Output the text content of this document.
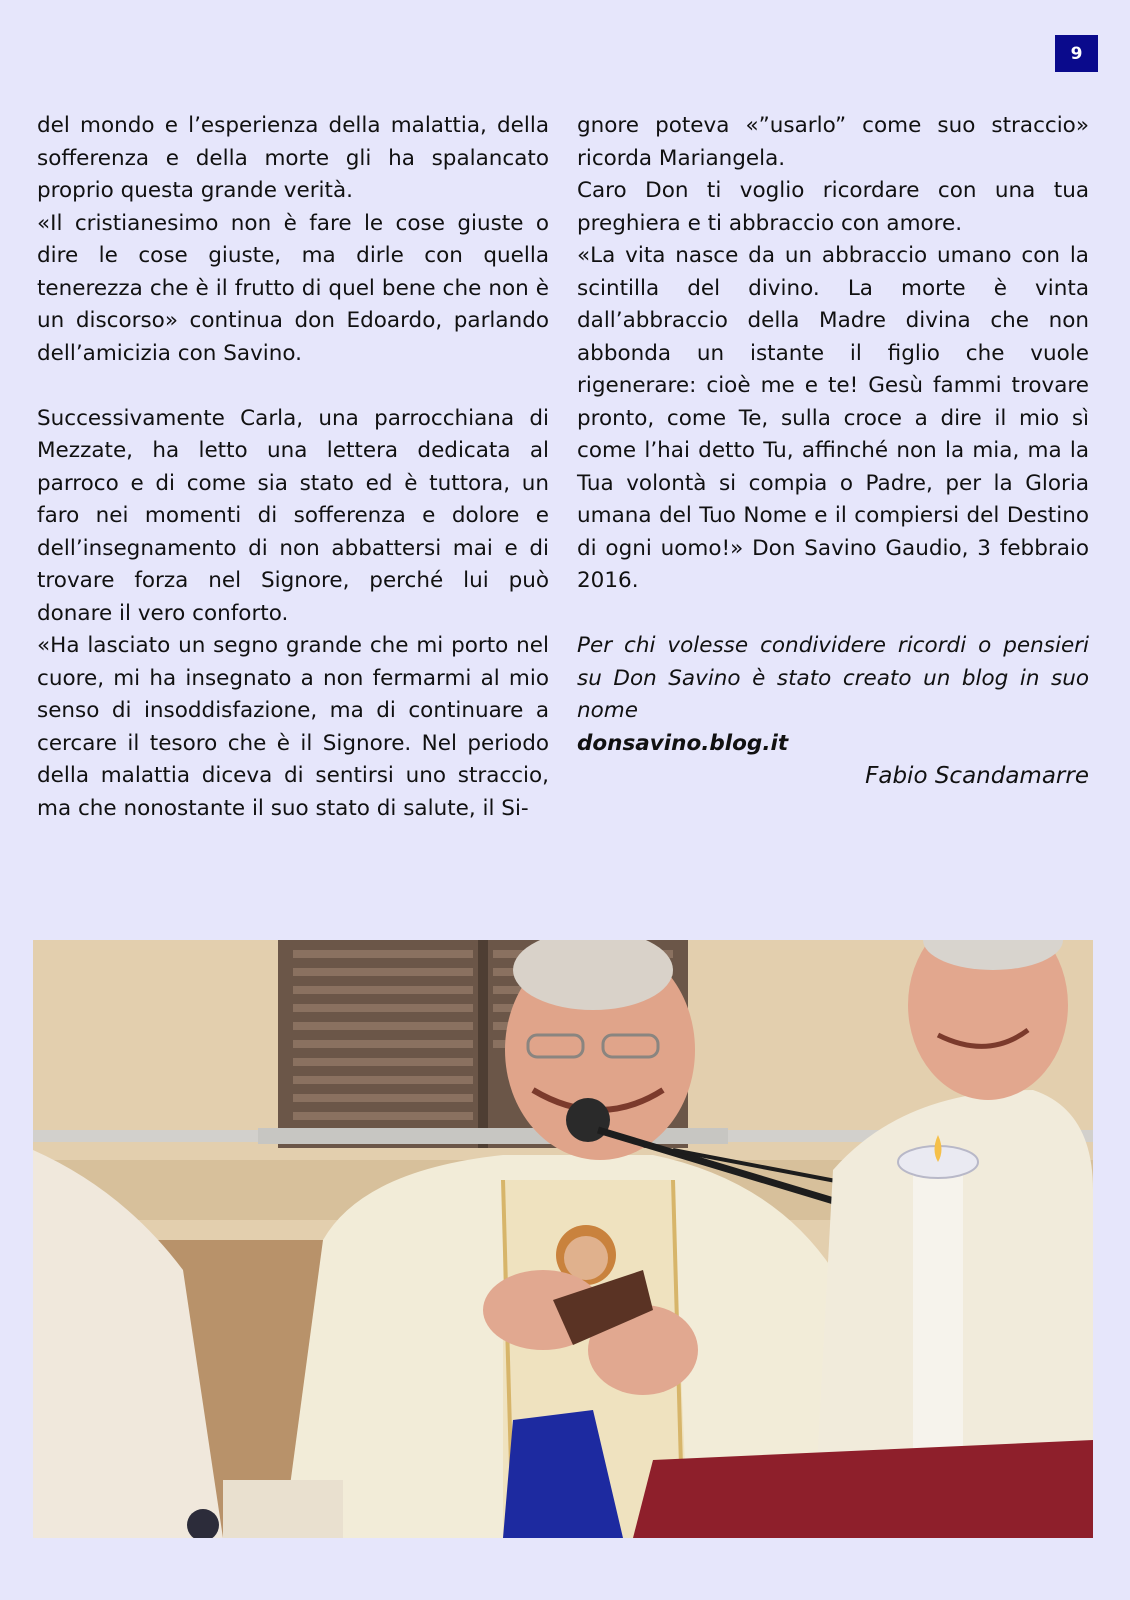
9

del mondo e l’esperienza della malattia, della sofferenza e della morte gli ha spalancato proprio questa grande verità.

«Il cristianesimo non è fare le cose giuste o dire le cose giuste, ma dirle con quella tenerezza che è il frutto di quel bene che non è un discorso» continua don Edoardo, parlando dell’amicizia con Savino.

Successivamente Carla, una parrocchiana di Mezzate, ha letto una lettera dedicata al parroco e di come sia stato ed è tuttora, un faro nei momenti di sofferenza e dolore e dell’insegnamento di non abbattersi mai e di trovare forza nel Signore, perché lui può donare il vero conforto.

«Ha lasciato un segno grande che mi porto nel cuore, mi ha insegnato a non fermarmi al mio senso di insoddisfazione, ma di continuare a cercare il tesoro che è il Signore. Nel periodo della malattia diceva di sentirsi uno straccio, ma che nonostante il suo stato di salute, il Si-

gnore poteva «”usarlo” come suo straccio» ricorda Mariangela.

Caro Don ti voglio ricordare con una tua preghiera e ti abbraccio con amore.

«La vita nasce da un abbraccio umano con la scintilla del divino. La morte è vinta dall’abbraccio della Madre divina che non abbonda un istante il figlio che vuole rigenerare: cioè me e te! Gesù fammi trovare pronto, come Te, sulla croce a dire il mio sì come l’hai detto Tu, affinché non la mia, ma la Tua volontà si compia o Padre, per la Gloria umana del Tuo Nome e il compiersi del Destino di ogni uomo!» Don Savino Gaudio, 3 febbraio 2016.

Per chi volesse condividere ricordi o pensieri su Don Savino è stato creato un blog in suo nome

donsavino.blog.it

Fabio Scandamarre
